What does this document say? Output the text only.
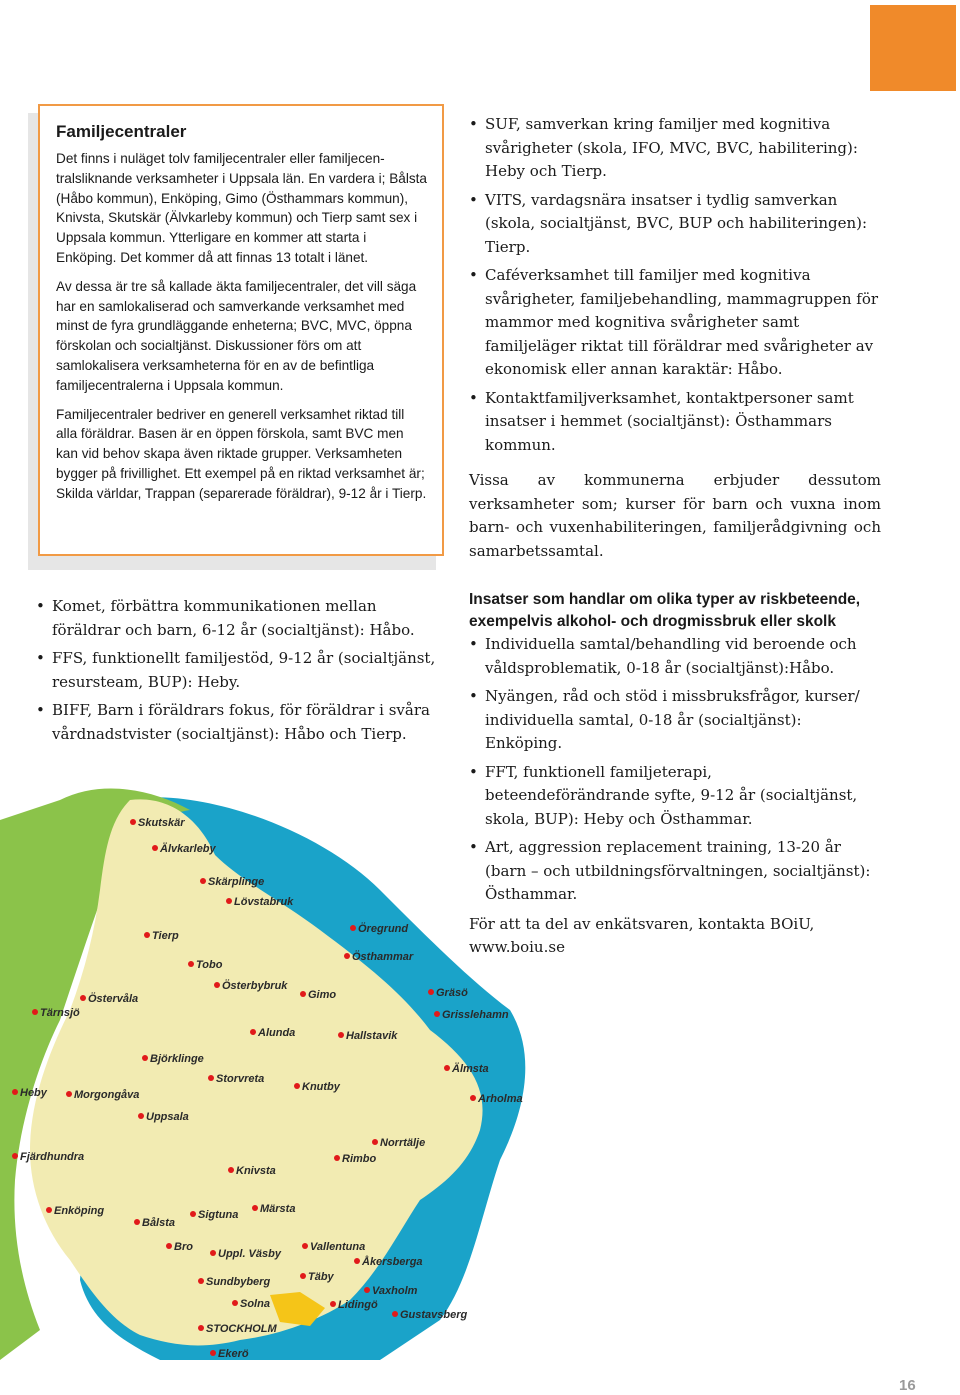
Familjecentraler

Det finns i nuläget tolv familjecentraler eller familjecentralsliknande verksamheter i Uppsala län. En vardera i; Bålsta (Håbo kommun), Enköping, Gimo (Östhammars kommun), Knivsta, Skutskär (Älvkarleby kommun) och Tierp samt sex i Uppsala kommun. Ytterligare en kommer att starta i Enköping. Det kommer då att finnas 13 totalt i länet.

Av dessa är tre så kallade äkta familjecentraler, det vill säga har en samlokaliserad och samverkande verksamhet med minst de fyra grundläggande enheterna; BVC, MVC, öppna förskolan och socialtjänst. Diskussioner förs om att samlokalisera verksamheterna för en av de befintliga familjecentralerna i Uppsala kommun.

Familjecentraler bedriver en generell verksamhet riktad till alla föräldrar. Basen är en öppen förskola, samt BVC men kan vid behov skapa även riktade grupper. Verksamheten bygger på frivillighet. Ett exempel på en riktad verksamhet är; Skilda världar, Trappan (separerade föräldrar), 9-12 år i Tierp.

• Komet, förbättra kommunikationen mellan föräldrar och barn, 6-12 år (socialtjänst): Håbo.
• FFS, funktionellt familjestöd, 9-12 år (socialtjänst, resursteam, BUP): Heby.
• BIFF, Barn i föräldrars fokus, för föräldrar i svåra vårdnadstvister (socialtjänst): Håbo och Tierp.
• SUF, samverkan kring familjer med kognitiva svårigheter (skola, IFO, MVC, BVC, habilitering): Heby och Tierp.
• VITS, vardagsnära insatser i tydlig samverkan (skola, socialtjänst, BVC, BUP och habiliteringen): Tierp.
• Caféverksamhet till familjer med kognitiva svårigheter, familjebehandling, mammagruppen för mammor med kognitiva svårigheter samt familjeläger riktat till föräldrar med svårigheter av ekonomisk eller annan karaktär: Håbo.
• Kontaktfamiljverksamhet, kontaktpersoner samt insatser i hemmet (socialtjänst): Östhammars kommun.

Vissa av kommunerna erbjuder dessutom verksamheter som; kurser för barn och vuxna inom barn- och vuxenhabiliteringen, familjerådgivning och samarbetssamtal.

Insatser som handlar om olika typer av riskbeteende, exempelvis alkohol- och drogmissbruk eller skolk

• Individuella samtal/behandling vid beroende och våldsproblematik, 0-18 år (socialtjänst):Håbo.
• Nyängen, råd och stöd i missbruksfrågor, kurser/ individuella samtal, 0-18 år (socialtjänst): Enköping.
• FFT, funktionell familjeterapi, beteendeförändrande syfte, 9-12 år (socialtjänst, skola, BUP): Heby och Östhammar.
• Art, aggression replacement training, 13-20 år (barn – och utbildningsförvaltningen, socialtjänst): Östhammar.

För att ta del av enkätsvaren, kontakta BOiU, www.boiu.se

Skutskär
Älvkarleby
Skärplinge
Lövstabruk
Tierp
Öregrund
Östhammar
Tobo
Österbybruk
Gimo
Östervåla
Tärnsjö
Gräsö
Grisslehamn
Alunda	Hallstavik
Björklinge
Heby Morgongåva
Storvreta
Knutby
Älmsta
Uppsala
Arholma
Norrtälje
Fjärdhundra	Rimbo
Knivsta
Enköping
Bålsta
Sigtuna Märsta
Bro	Vallentuna
Uppl. Väsby
Åkersberga
Sundbyberg	Täby
Vaxholm
Solna	Lidingö
Gustavsberg
STOCKHOLM
Ekerö
16
